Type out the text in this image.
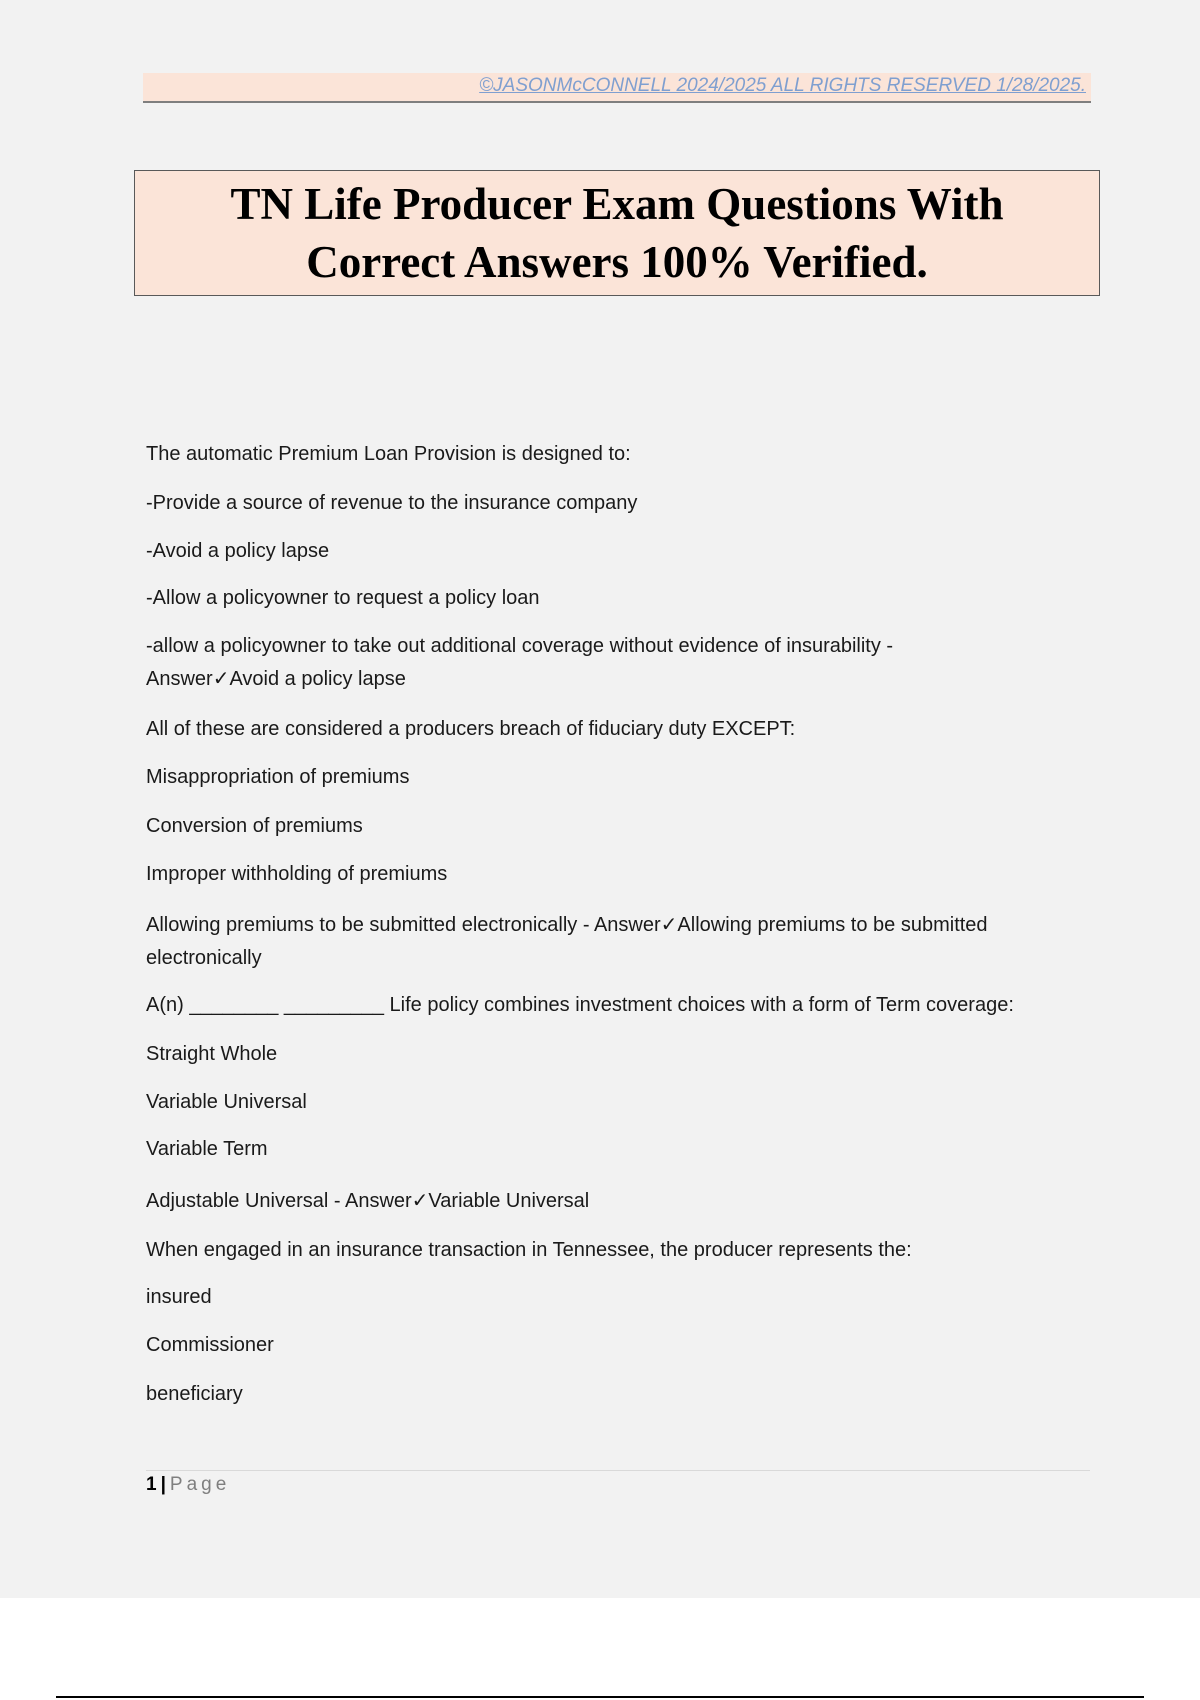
©JASONMcCONNELL 2024/2025 ALL RIGHTS RESERVED 1/28/2025.
TN Life Producer Exam Questions With
Correct Answers 100% Verified.
The automatic Premium Loan Provision is designed to:
-Provide a source of revenue to the insurance company
-Avoid a policy lapse
-Allow a policyowner to request a policy loan
-allow a policyowner to take out additional coverage without evidence of insurability - Answer✓Avoid a policy lapse
All of these are considered a producers breach of fiduciary duty EXCEPT:
Misappropriation of premiums
Conversion of premiums
Improper withholding of premiums
Allowing premiums to be submitted electronically - Answer✓Allowing premiums to be submitted electronically
A(n) ________ _________ Life policy combines investment choices with a form of Term coverage:
Straight Whole
Variable Universal
Variable Term
Adjustable Universal - Answer✓Variable Universal
When engaged in an insurance transaction in Tennessee, the producer represents the:
insured
Commissioner
beneficiary
1 | Page
